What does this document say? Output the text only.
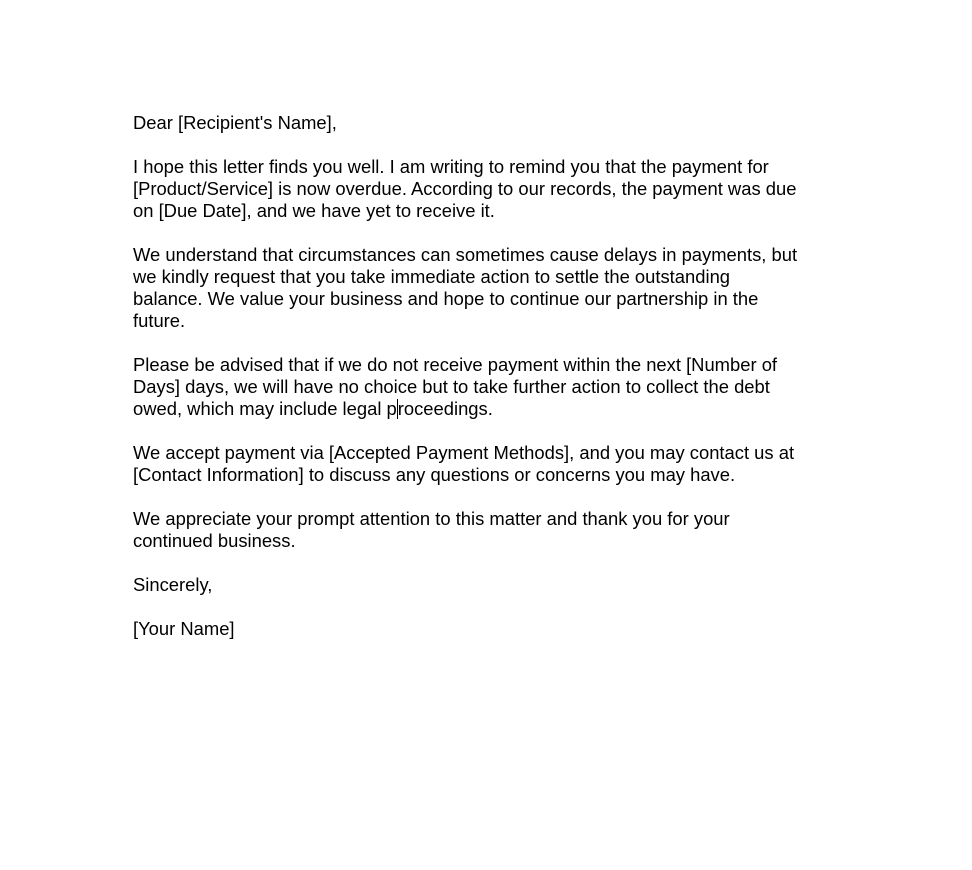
Dear [Recipient's Name],

I hope this letter finds you well. I am writing to remind you that the payment for
[Product/Service] is now overdue. According to our records, the payment was due
on [Due Date], and we have yet to receive it.

We understand that circumstances can sometimes cause delays in payments, but
we kindly request that you take immediate action to settle the outstanding
balance. We value your business and hope to continue our partnership in the
future.

Please be advised that if we do not receive payment within the next [Number of
Days] days, we will have no choice but to take further action to collect the debt
owed, which may include legal proceedings.

We accept payment via [Accepted Payment Methods], and you may contact us at
[Contact Information] to discuss any questions or concerns you may have.

We appreciate your prompt attention to this matter and thank you for your
continued business.

Sincerely,

[Your Name]
